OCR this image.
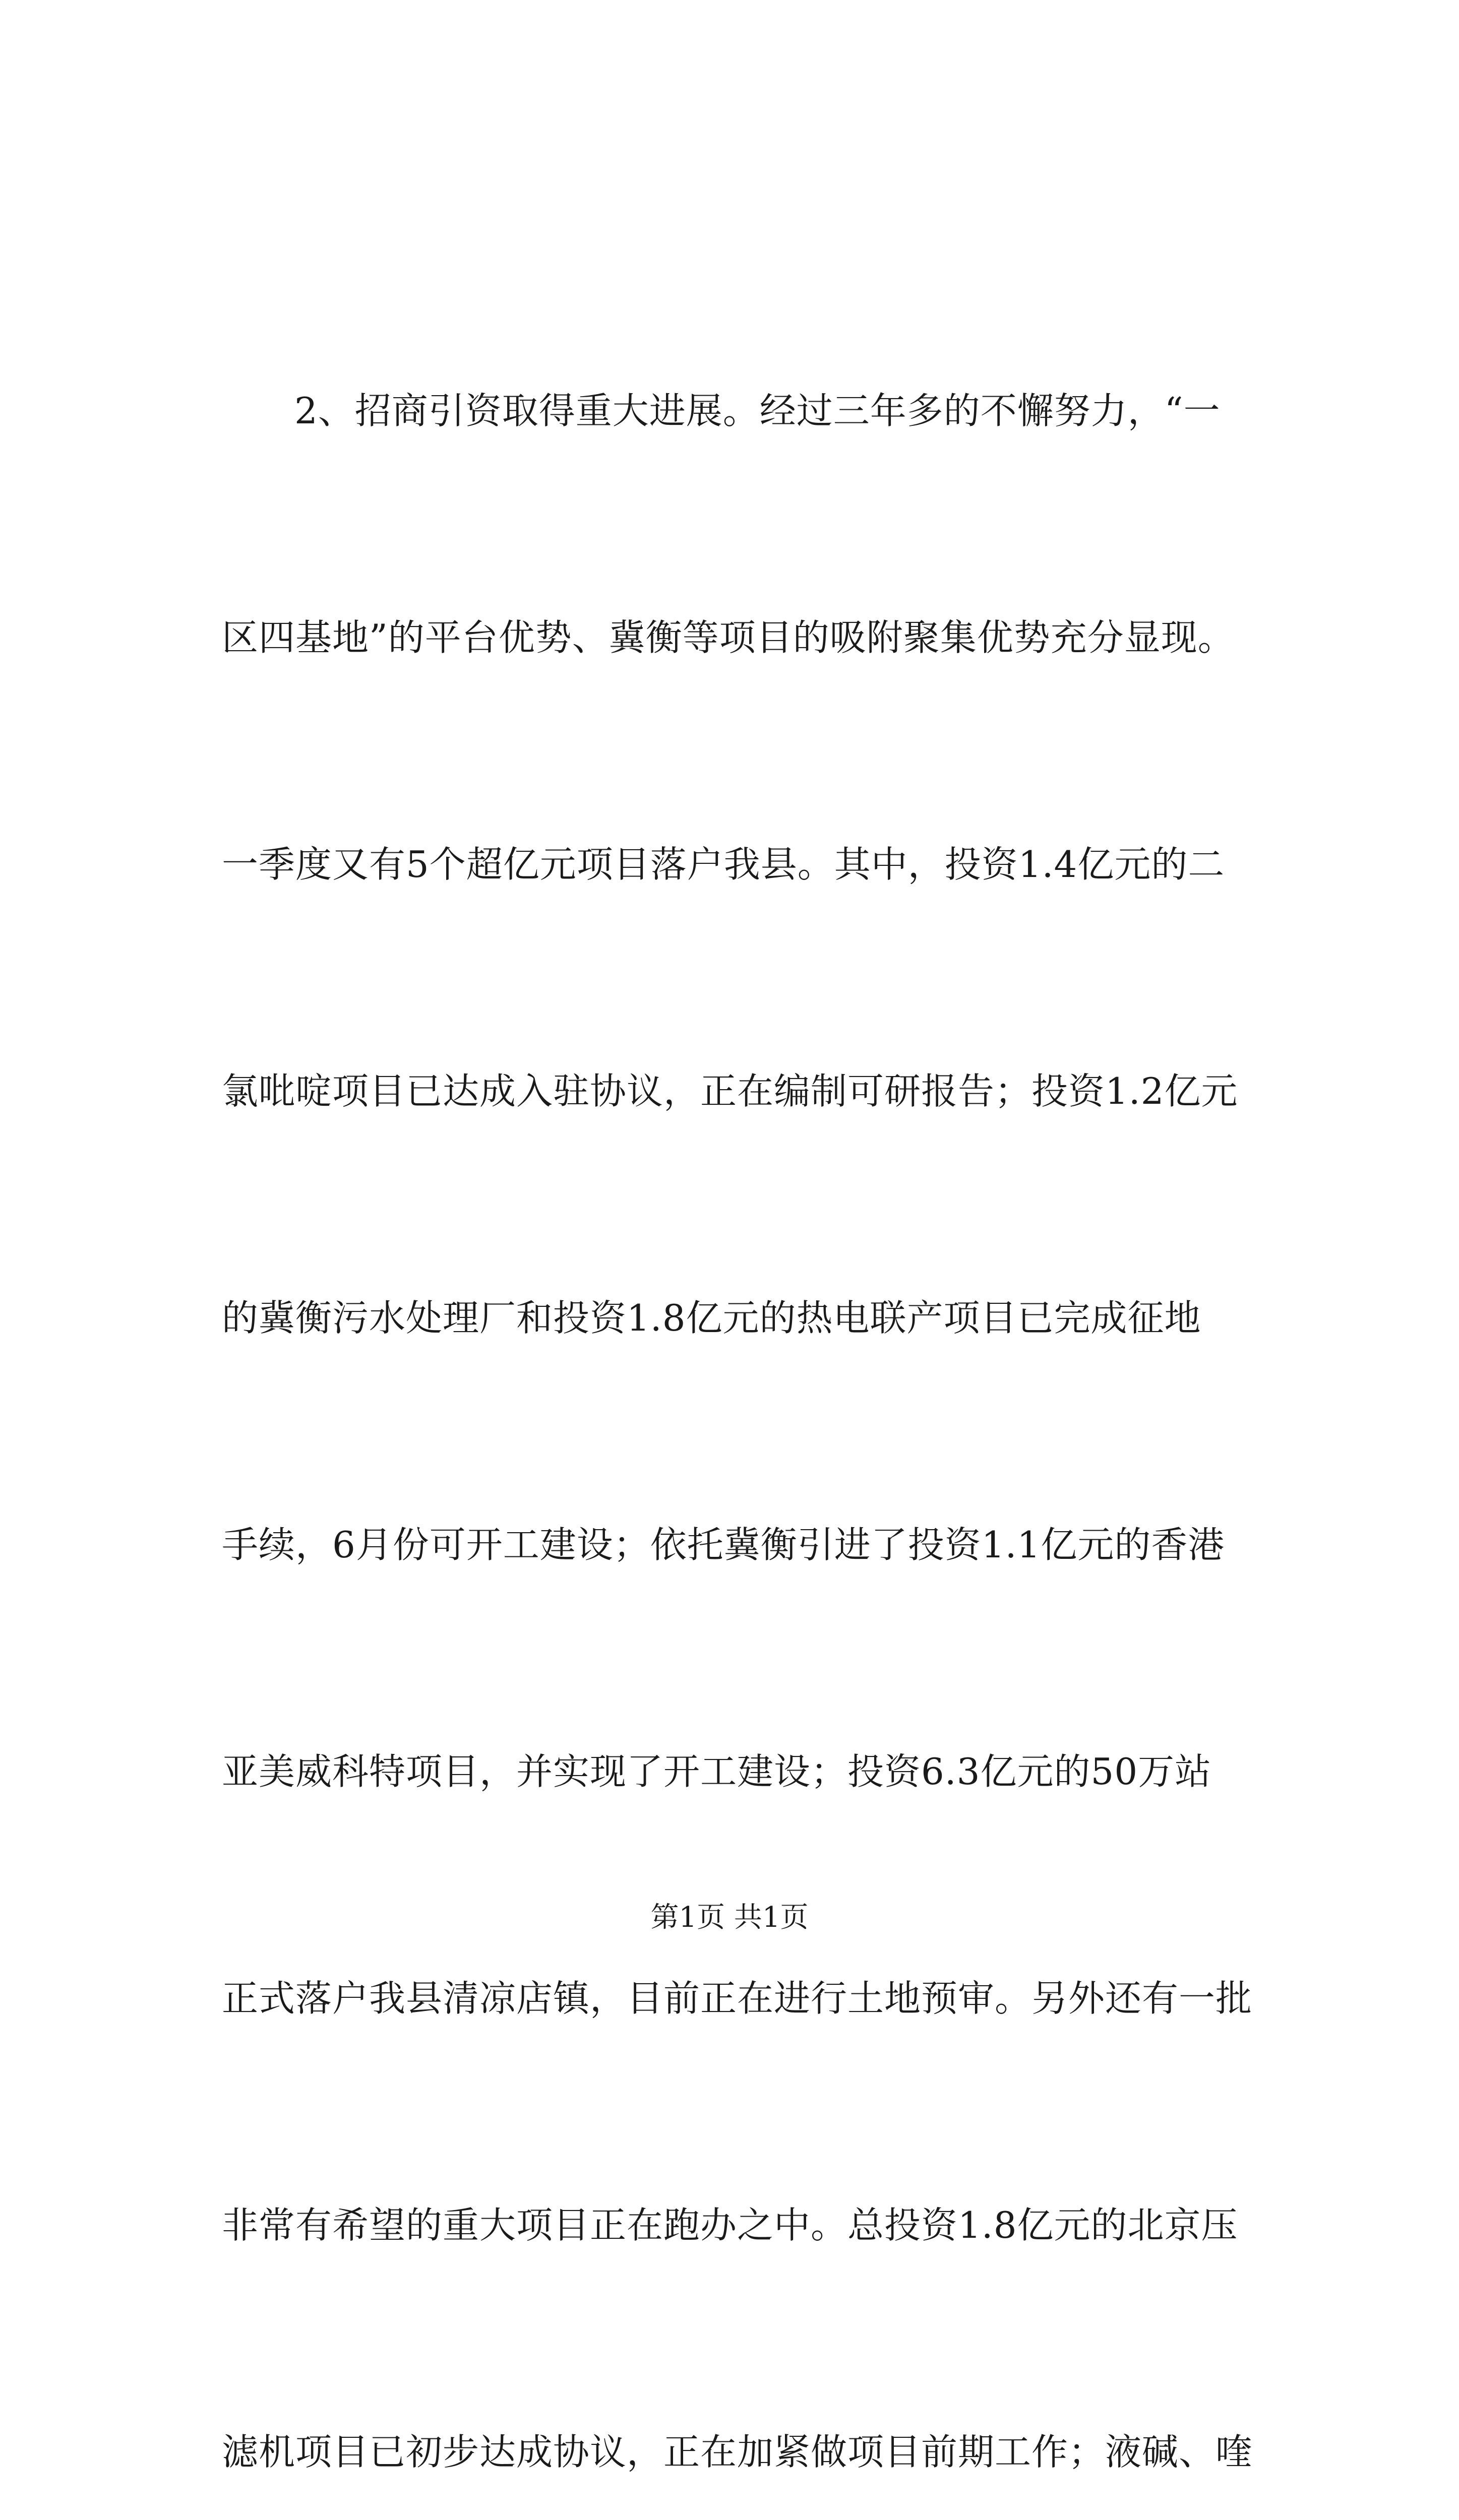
2、招商引资取得重大进展。经过三年多的不懈努力，“一

区四基地”的平台优势、冀衡等项目的吸附聚集优势充分显现。

一季度又有5个超亿元项目落户我县。其中，投资1.4亿元的二

氯吡啶项目已达成入驻协议，正在编制可研报告；投资1.2亿元

的冀衡污水处理厂和投资1.8亿元的热电联产项目已完成征地

手续，6月份可开工建设；依托冀衡引进了投资1.1亿元的香港

亚美威科特项目，并实现了开工建设；投资6.3亿元的50万站

正式落户我县清凉店镇，目前正在进行土地预审。另外还有一批

非常有希望的重大项目正在跑办之中。总投资1.8亿元的北京压

滤机项目已初步达成协议，正在加紧做项目前期工作；液碱、喹

第1页 共1页
